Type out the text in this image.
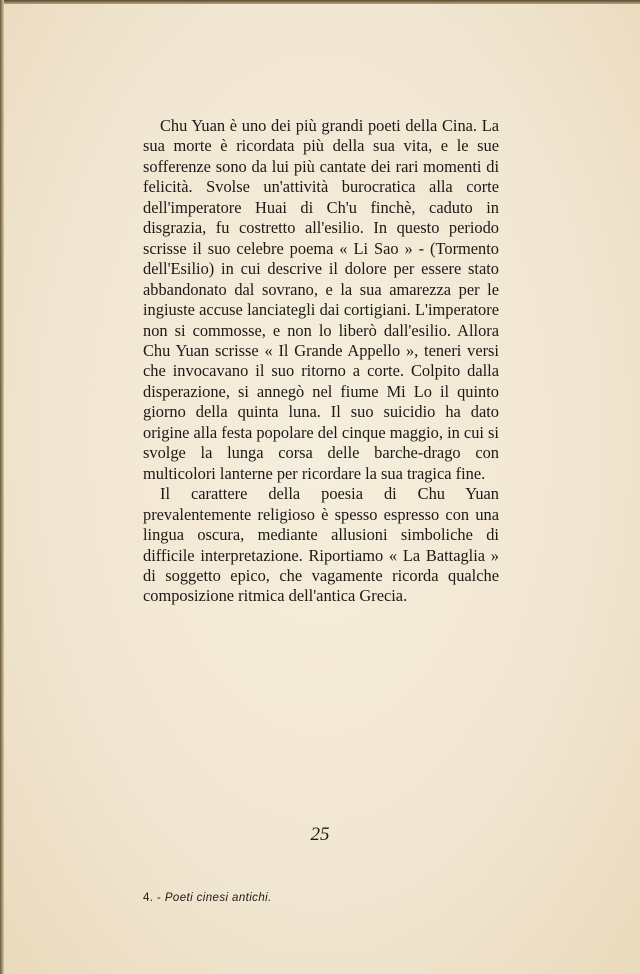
Chu Yuan è uno dei più grandi poeti della Cina. La sua morte è ricordata più della sua vita, e le sue sofferenze sono da lui più cantate dei rari momenti di felicità. Svolse un'attività burocratica alla corte dell'imperatore Huai di Ch'u finchè, caduto in disgrazia, fu costretto all'esilio. In questo periodo scrisse il suo celebre poema « Li Sao » - (Tormento dell'Esilio) in cui descrive il dolore per essere stato abbandonato dal sovrano, e la sua amarezza per le ingiuste accuse lanciategli dai cortigiani. L'imperatore non si commosse, e non lo liberò dall'esilio. Allora Chu Yuan scrisse « Il Grande Appello », teneri versi che invocavano il suo ritorno a corte. Colpito dalla disperazione, si annegò nel fiume Mi Lo il quinto giorno della quinta luna. Il suo suicidio ha dato origine alla festa popolare del cinque maggio, in cui si svolge la lunga corsa delle barche-drago con multicolori lanterne per ricordare la sua tragica fine.

Il carattere della poesia di Chu Yuan prevalentemente religioso è spesso espresso con una lingua oscura, mediante allusioni simboliche di difficile interpretazione. Riportiamo « La Battaglia » di soggetto epico, che vagamente ricorda qualche composizione ritmica dell'antica Grecia.

25
4. - Poeti cinesi antichi.
